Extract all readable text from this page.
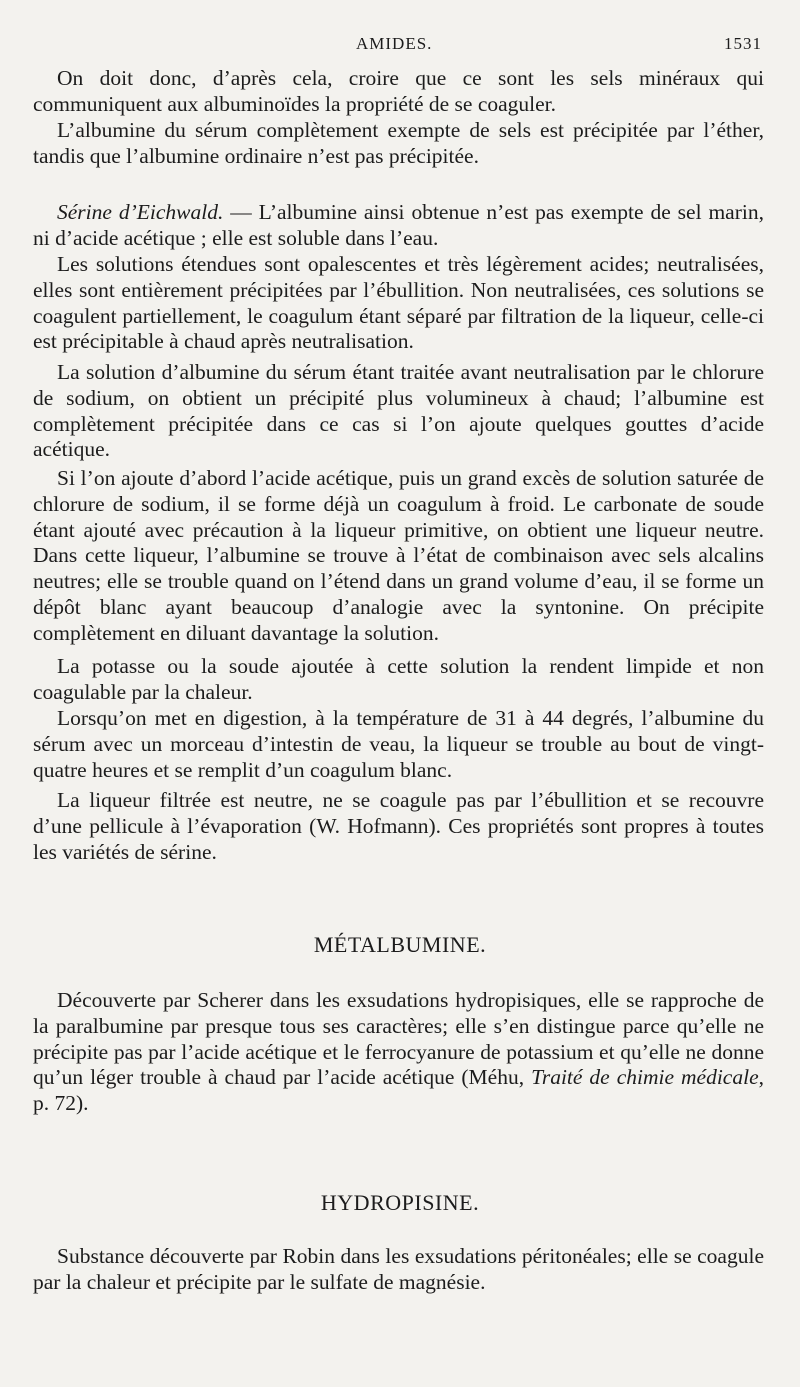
AMIDES.	1531

On doit donc, d’après cela, croire que ce sont les sels minéraux qui communiquent aux albuminoïdes la propriété de se coaguler.

L’albumine du sérum complètement exempte de sels est précipitée par l’éther, tandis que l’albumine ordinaire n’est pas précipitée.

Sérine d’Eichwald. — L’albumine ainsi obtenue n’est pas exempte de sel marin, ni d’acide acétique ; elle est soluble dans l’eau.

Les solutions étendues sont opalescentes et très légèrement acides; neutralisées, elles sont entièrement précipitées par l’ébullition. Non neutralisées, ces solutions se coagulent partiellement, le coagulum étant séparé par filtration de la liqueur, celle-ci est précipitable à chaud après neutralisation.

La solution d’albumine du sérum étant traitée avant neutralisation par le chlorure de sodium, on obtient un précipité plus volumineux à chaud; l’albumine est complètement précipitée dans ce cas si l’on ajoute quelques gouttes d’acide acétique.

Si l’on ajoute d’abord l’acide acétique, puis un grand excès de solution saturée de chlorure de sodium, il se forme déjà un coagulum à froid. Le carbonate de soude étant ajouté avec précaution à la liqueur primitive, on obtient une liqueur neutre. Dans cette liqueur, l’albumine se trouve à l’état de combinaison avec sels alcalins neutres; elle se trouble quand on l’étend dans un grand volume d’eau, il se forme un dépôt blanc ayant beaucoup d’analogie avec la syntonine. On précipite complètement en diluant davantage la solution.

La potasse ou la soude ajoutée à cette solution la rendent limpide et non coagulable par la chaleur.

Lorsqu’on met en digestion, à la température de 31 à 44 degrés, l’albumine du sérum avec un morceau d’intestin de veau, la liqueur se trouble au bout de vingt-quatre heures et se remplit d’un coagulum blanc.

La liqueur filtrée est neutre, ne se coagule pas par l’ébullition et se recouvre d’une pellicule à l’évaporation (W. Hofmann). Ces propriétés sont propres à toutes les variétés de sérine.

MÉTALBUMINE.

Découverte par Scherer dans les exsudations hydropisiques, elle se rapproche de la paralbumine par presque tous ses caractères; elle s’en distingue parce qu’elle ne précipite pas par l’acide acétique et le ferrocyanure de potassium et qu’elle ne donne qu’un léger trouble à chaud par l’acide acétique (Méhu, Traité de chimie médicale, p. 72).

HYDROPISINE.

Substance découverte par Robin dans les exsudations péritonéales; elle se coagule par la chaleur et précipite par le sulfate de magnésie.
